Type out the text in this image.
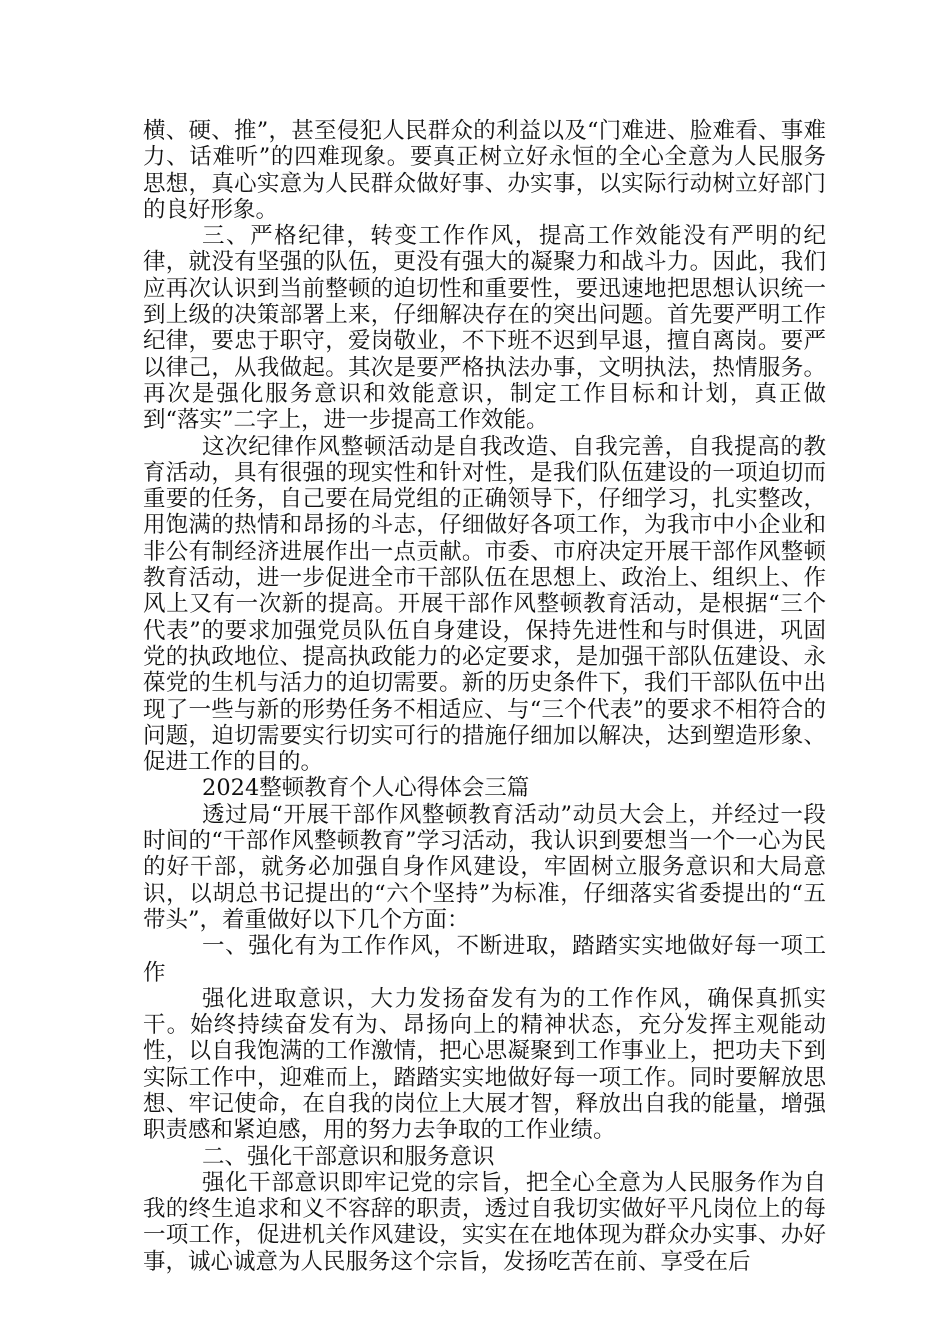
横、硬、推”，甚至侵犯人民群众的利益以及“门难进、脸难看、事难力、话难听”的四难现象。要真正树立好永恒的全心全意为人民服务思想，真心实意为人民群众做好事、办实事，以实际行动树立好部门的良好形象。

三、严格纪律，转变工作作风，提高工作效能没有严明的纪律，就没有坚强的队伍，更没有强大的凝聚力和战斗力。因此，我们应再次认识到当前整顿的迫切性和重要性，要迅速地把思想认识统一到上级的决策部署上来，仔细解决存在的突出问题。首先要严明工作纪律，要忠于职守，爱岗敬业，不下班不迟到早退，擅自离岗。要严以律己，从我做起。其次是要严格执法办事，文明执法，热情服务。再次是强化服务意识和效能意识，制定工作目标和计划，真正做到“落实”二字上，进一步提高工作效能。

这次纪律作风整顿活动是自我改造、自我完善，自我提高的教育活动，具有很强的现实性和针对性，是我们队伍建设的一项迫切而重要的任务，自己要在局党组的正确领导下，仔细学习，扎实整改，用饱满的热情和昂扬的斗志，仔细做好各项工作，为我市中小企业和非公有制经济进展作出一点贡献。市委、市府决定开展干部作风整顿教育活动，进一步促进全市干部队伍在思想上、政治上、组织上、作风上又有一次新的提高。开展干部作风整顿教育活动，是根据“三个代表”的要求加强党员队伍自身建设，保持先进性和与时俱进，巩固党的执政地位、提高执政能力的必定要求，是加强干部队伍建设、永葆党的生机与活力的迫切需要。新的历史条件下，我们干部队伍中出现了一些与新的形势任务不相适应、与“三个代表”的要求不相符合的问题，迫切需要实行切实可行的措施仔细加以解决，达到塑造形象、促进工作的目的。

2024整顿教育个人心得体会三篇

透过局“开展干部作风整顿教育活动”动员大会上，并经过一段时间的“干部作风整顿教育”学习活动，我认识到要想当一个一心为民的好干部，就务必加强自身作风建设，牢固树立服务意识和大局意识，以胡总书记提出的“六个坚持”为标准，仔细落实省委提出的“五带头”，着重做好以下几个方面：

一、强化有为工作作风，不断进取，踏踏实实地做好每一项工作

强化进取意识，大力发扬奋发有为的工作作风，确保真抓实干。始终持续奋发有为、昂扬向上的精神状态，充分发挥主观能动性，以自我饱满的工作激情，把心思凝聚到工作事业上，把功夫下到实际工作中，迎难而上，踏踏实实地做好每一项工作。同时要解放思想、牢记使命，在自我的岗位上大展才智，释放出自我的能量，增强职责感和紧迫感，用的努力去争取的工作业绩。

二、强化干部意识和服务意识

强化干部意识即牢记党的宗旨，把全心全意为人民服务作为自我的终生追求和义不容辞的职责，透过自我切实做好平凡岗位上的每一项工作，促进机关作风建设，实实在在地体现为群众办实事、办好事，诚心诚意为人民服务这个宗旨，发扬吃苦在前、享受在后
